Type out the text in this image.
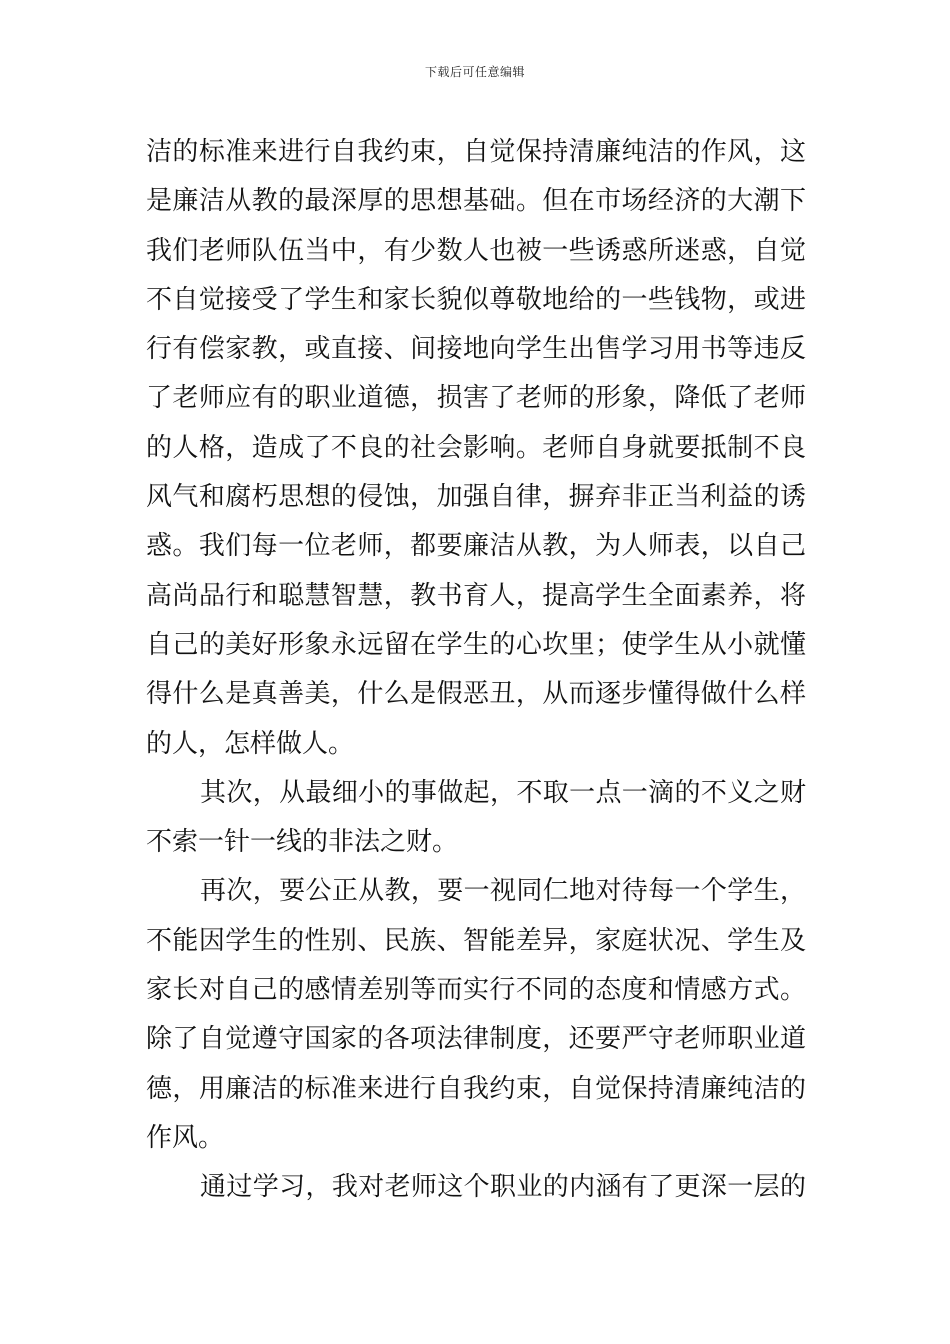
下载后可任意编辑
洁的标准来进行自我约束，自觉保持清廉纯洁的作风，这
是廉洁从教的最深厚的思想基础。但在市场经济的大潮下
我们老师队伍当中，有少数人也被一些诱惑所迷惑，自觉
不自觉接受了学生和家长貌似尊敬地给的一些钱物，或进
行有偿家教，或直接、间接地向学生出售学习用书等违反
了老师应有的职业道德，损害了老师的形象，降低了老师
的人格，造成了不良的社会影响。老师自身就要抵制不良
风气和腐朽思想的侵蚀，加强自律，摒弃非正当利益的诱
惑。我们每一位老师，都要廉洁从教，为人师表，以自己
高尚品行和聪慧智慧，教书育人，提高学生全面素养，将
自己的美好形象永远留在学生的心坎里；使学生从小就懂
得什么是真善美，什么是假恶丑，从而逐步懂得做什么样
的人，怎样做人。
其次，从最细小的事做起，不取一点一滴的不义之财
不索一针一线的非法之财。
再次，要公正从教，要一视同仁地对待每一个学生，
不能因学生的性别、民族、智能差异，家庭状况、学生及
家长对自己的感情差别等而实行不同的态度和情感方式。
除了自觉遵守国家的各项法律制度，还要严守老师职业道
德，用廉洁的标准来进行自我约束，自觉保持清廉纯洁的
作风。
通过学习，我对老师这个职业的内涵有了更深一层的
